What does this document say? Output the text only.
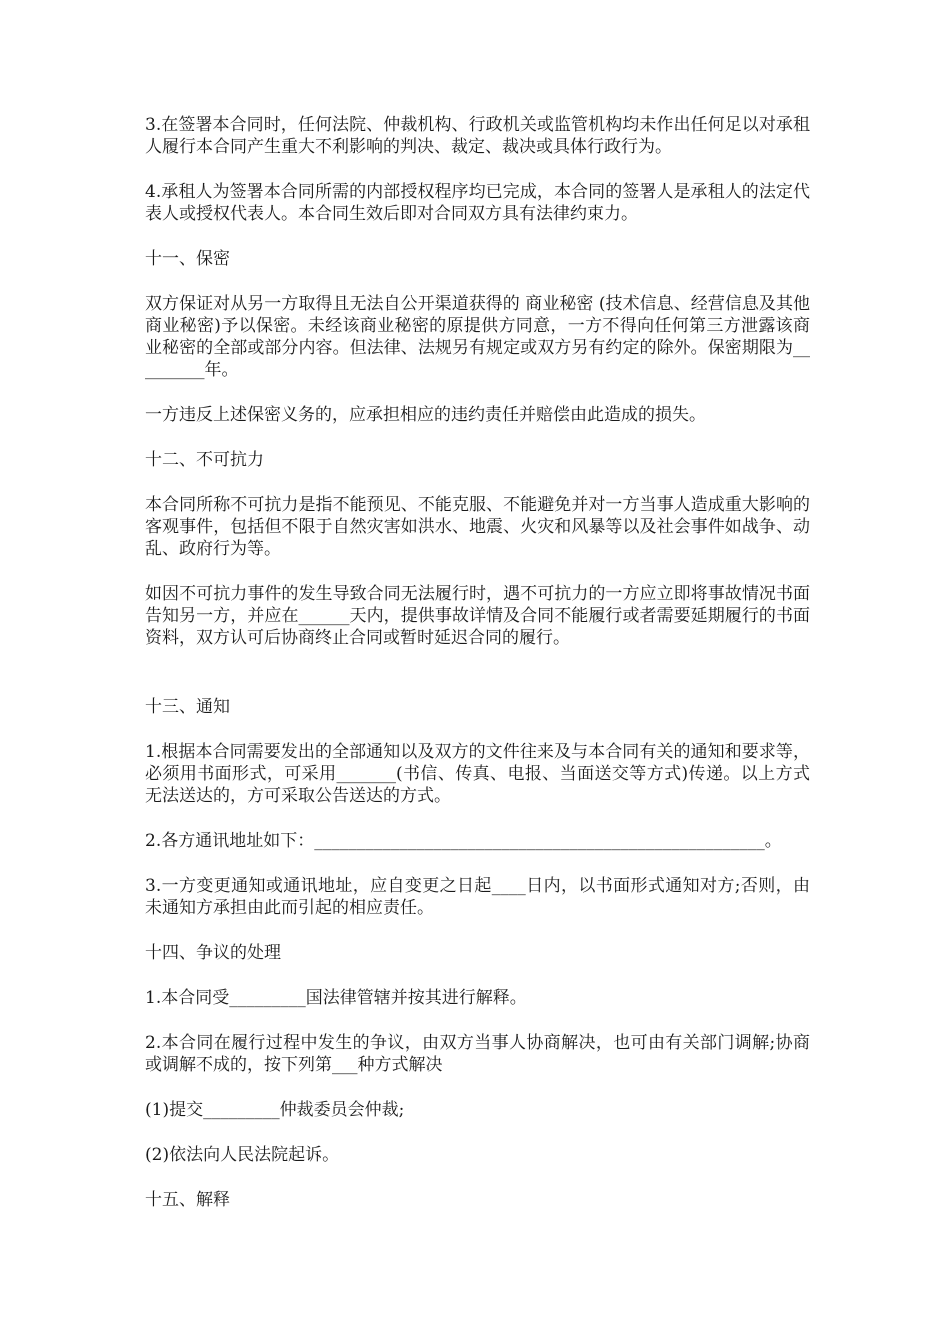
3.在签署本合同时，任何法院、仲裁机构、行政机关或监管机构均未作出任何足以对承租人履行本合同产生重大不利影响的判决、裁定、裁决或具体行政行为。

4.承租人为签署本合同所需的内部授权程序均已完成，本合同的签署人是承租人的法定代表人或授权代表人。本合同生效后即对合同双方具有法律约束力。

十一、保密

双方保证对从另一方取得且无法自公开渠道获得的 商业秘密 (技术信息、经营信息及其他商业秘密)予以保密。未经该商业秘密的原提供方同意，一方不得向任何第三方泄露该商业秘密的全部或部分内容。但法律、法规另有规定或双方另有约定的除外。保密期限为_________年。

一方违反上述保密义务的，应承担相应的违约责任并赔偿由此造成的损失。

十二、不可抗力

本合同所称不可抗力是指不能预见、不能克服、不能避免并对一方当事人造成重大影响的客观事件，包括但不限于自然灾害如洪水、地震、火灾和风暴等以及社会事件如战争、动乱、政府行为等。

如因不可抗力事件的发生导致合同无法履行时，遇不可抗力的一方应立即将事故情况书面告知另一方，并应在______天内，提供事故详情及合同不能履行或者需要延期履行的书面资料，双方认可后协商终止合同或暂时延迟合同的履行。

十三、通知

1.根据本合同需要发出的全部通知以及双方的文件往来及与本合同有关的通知和要求等，必须用书面形式，可采用_______(书信、传真、电报、当面送交等方式)传递。以上方式无法送达的，方可采取公告送达的方式。

2.各方通讯地址如下：_____________________________________________________。

3.一方变更通知或通讯地址，应自变更之日起____日内，以书面形式通知对方;否则，由未通知方承担由此而引起的相应责任。

十四、争议的处理

1.本合同受_________国法律管辖并按其进行解释。

2.本合同在履行过程中发生的争议，由双方当事人协商解决，也可由有关部门调解;协商或调解不成的，按下列第___种方式解决

(1)提交_________仲裁委员会仲裁;

(2)依法向人民法院起诉。

十五、解释
